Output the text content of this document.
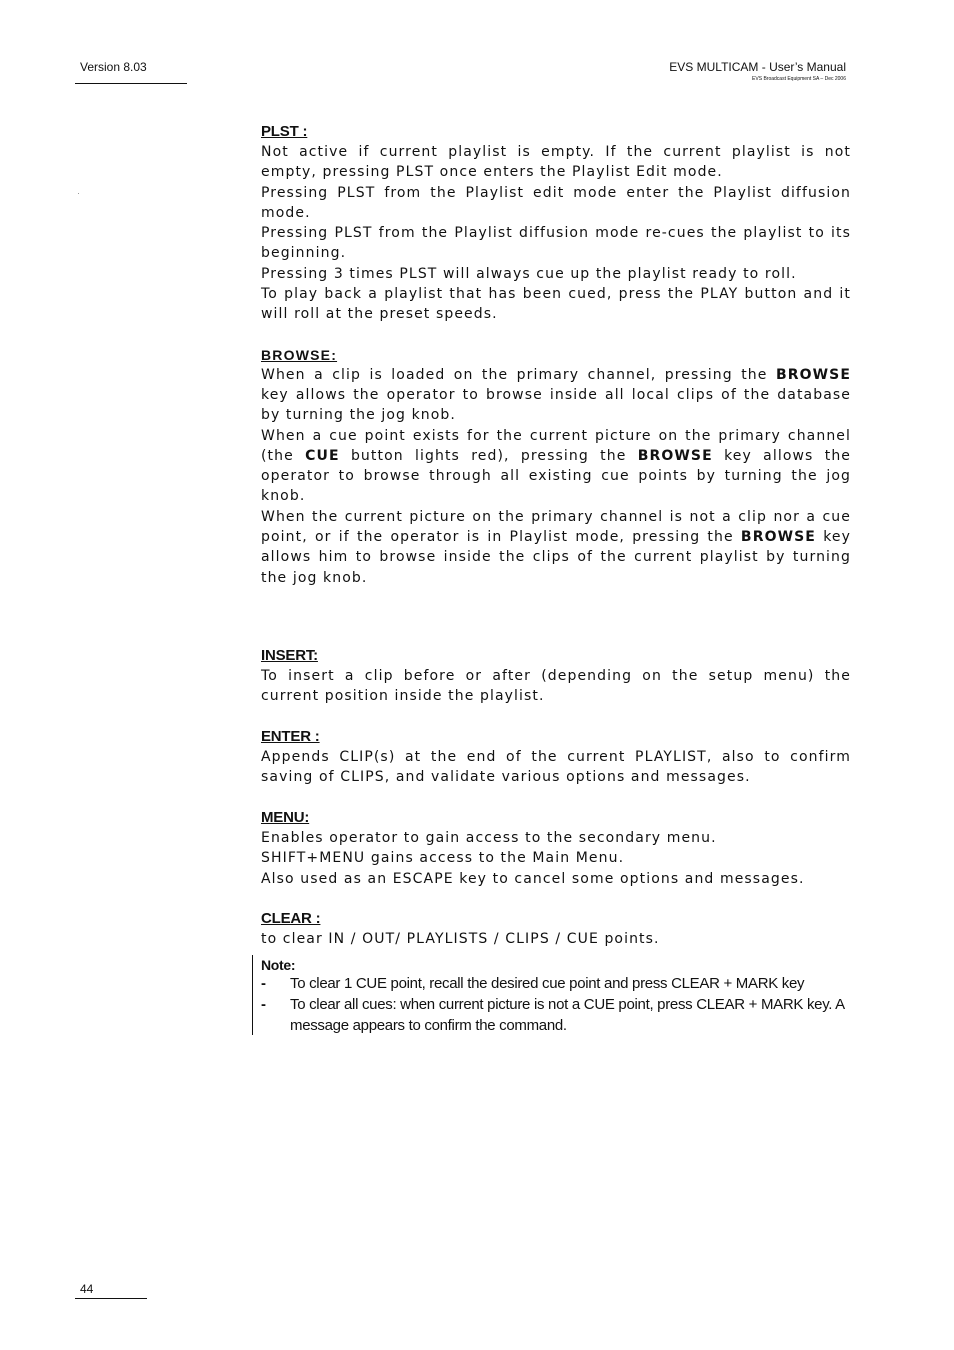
Version 8.03	EVS MULTICAM - User’s Manual
EVS Broadcast Equipment SA – Dec 2006
PLST :

Not active if current playlist is empty. If the current playlist is not empty, pressing PLST once enters the Playlist Edit mode.

Pressing PLST from the Playlist edit mode enter the Playlist diffusion mode.

Pressing PLST from the Playlist diffusion mode re-cues the playlist to its beginning.

Pressing 3 times PLST will always cue up the playlist ready to roll.

To play back a playlist that has been cued, press the PLAY button and it will roll at the preset speeds.

BROWSE:

When a clip is loaded on the primary channel, pressing the BROWSE key allows the operator to browse inside all local clips of the database by turning the jog knob.

When a cue point exists for the current picture on the primary channel (the CUE button lights red), pressing the BROWSE key allows the operator to browse through all existing cue points by turning the jog knob.

When the current picture on the primary channel is not a clip nor a cue point, or if the operator is in Playlist mode, pressing the BROWSE key allows him to browse inside the clips of the current playlist by turning the jog knob.

INSERT:

To insert a clip before or after (depending on the setup menu) the current position inside the playlist.

ENTER :

Appends CLIP(s) at the end of the current PLAYLIST, also to confirm saving of CLIPS, and validate various options and messages.

MENU:

Enables operator to gain access to the secondary menu.

SHIFT+MENU gains access to the Main Menu.

Also used as an ESCAPE key to cancel some options and messages.

CLEAR :

to clear IN / OUT/ PLAYLISTS / CLIPS / CUE points.

Note:
- To clear 1 CUE point, recall the desired cue point and press CLEAR + MARK key
- To clear all cues: when current picture is not a CUE point, press CLEAR + MARK key. A message appears to confirm the command.
44
